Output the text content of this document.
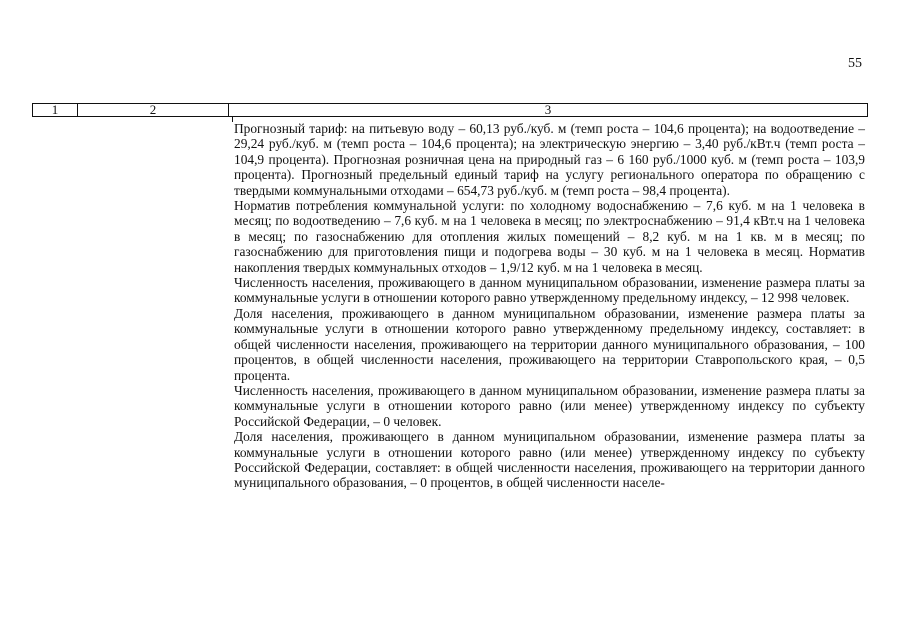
55
1	2	3

Прогнозный тариф: на питьевую воду – 60,13 руб./куб. м (темп роста – 104,6 процента); на водоотведение – 29,24 руб./куб. м (темп роста – 104,6 процента); на электрическую энергию – 3,40 руб./кВт.ч (темп роста – 104,9 процента). Прогнозная розничная цена на природный газ – 6 160 руб./1000 куб. м (темп роста – 103,9 процента). Прогнозный предельный единый тариф на услугу регионального оператора по обращению с твердыми коммунальными отходами – 654,73 руб./куб. м (темп роста – 98,4 процента).

Норматив потребления коммунальной услуги: по холодному водоснабжению – 7,6 куб. м на 1 человека в месяц; по водоотведению – 7,6 куб. м на 1 человека в месяц; по электроснабжению – 91,4 кВт.ч на 1 человека в месяц; по газоснабжению для отопления жилых помещений – 8,2 куб. м на 1 кв. м в месяц; по газоснабжению для приготовления пищи и подогрева воды – 30 куб. м на 1 человека в месяц. Норматив накопления твердых коммунальных отходов – 1,9/12 куб. м на 1 человека в месяц.

Численность населения, проживающего в данном муниципальном образовании, изменение размера платы за коммунальные услуги в отношении которого равно утвержденному предельному индексу, – 12 998 человек.

Доля населения, проживающего в данном муниципальном образовании, изменение размера платы за коммунальные услуги в отношении которого равно утвержденному предельному индексу, составляет: в общей численности населения, проживающего на территории данного муниципального образования, – 100 процентов, в общей численности населения, проживающего на территории Ставропольского края, – 0,5 процента.

Численность населения, проживающего в данном муниципальном образовании, изменение размера платы за коммунальные услуги в отношении которого равно (или менее) утвержденному индексу по субъекту Российской Федерации, – 0 человек.

Доля населения, проживающего в данном муниципальном образовании, изменение размера платы за коммунальные услуги в отношении которого равно (или менее) утвержденному индексу по субъекту Российской Федерации, составляет: в общей численности населения, проживающего на территории данного муниципального образования, – 0 процентов, в общей численности населе-
